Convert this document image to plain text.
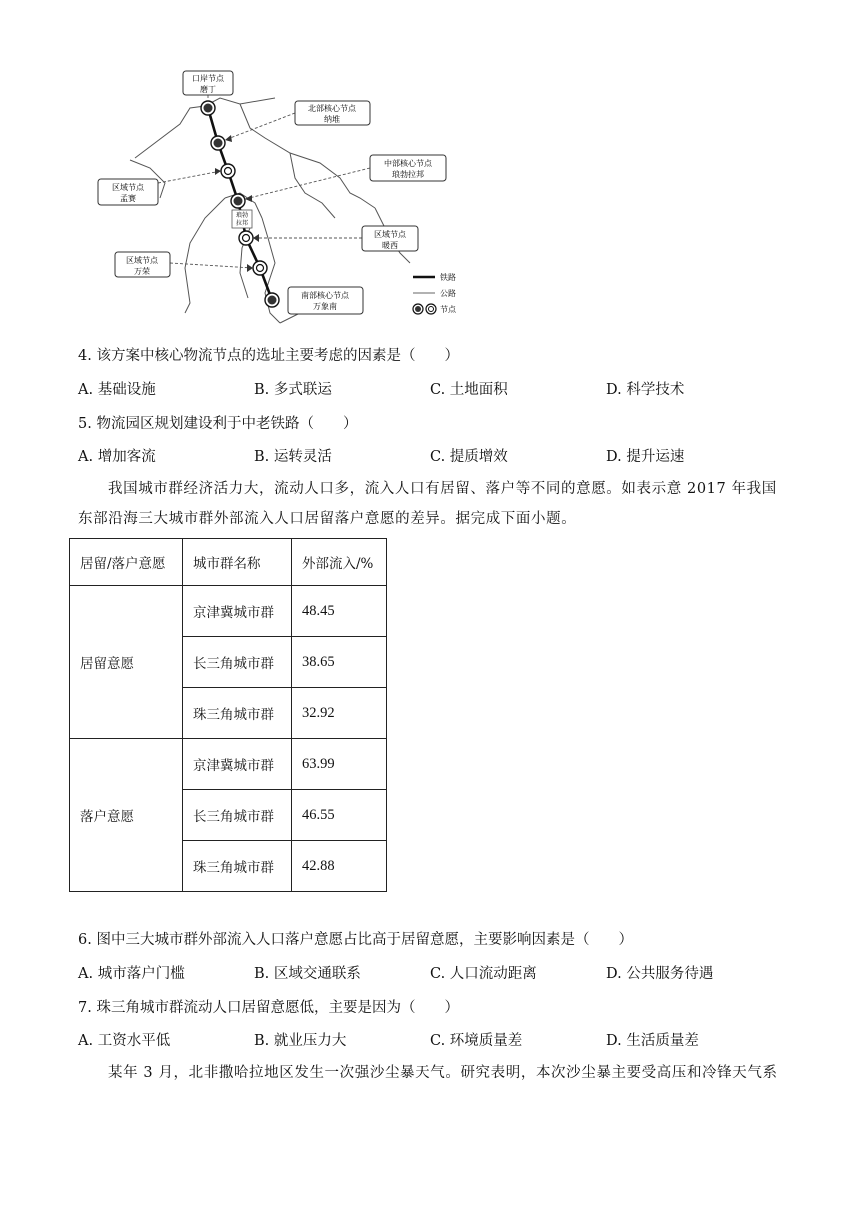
琅勃
拉邦
口岸节点
磨丁
北部核心节点
纳堆
中部核心节点
琅勃拉邦
区域节点
孟赛
区域节点
暖西
区域节点
万荣
南部核心节点
万象南
铁路
公路
节点
4. 该方案中核心物流节点的选址主要考虑的因素是（　　）
A. 基础设施	B. 多式联运	C. 土地面积	D. 科学技术
5. 物流园区规划建设利于中老铁路（　　）
A. 增加客流	B. 运转灵活	C. 提质增效	D. 提升运速
我国城市群经济活力大，流动人口多，流入人口有居留、落户等不同的意愿。如表示意 2017 年我国东部沿海三大城市群外部流入人口居留落户意愿的差异。据完成下面小题。
居留/落户意愿	城市群名称	外部流入/%
居留意愿	京津冀城市群	48.45
	长三角城市群	38.65
	珠三角城市群	32.92
落户意愿	京津冀城市群	63.99
	长三角城市群	46.55
	珠三角城市群	42.88
6. 图中三大城市群外部流入人口落户意愿占比高于居留意愿，主要影响因素是（　　）
A. 城市落户门槛	B. 区域交通联系	C. 人口流动距离	D. 公共服务待遇
7. 珠三角城市群流动人口居留意愿低，主要是因为（　　）
A. 工资水平低	B. 就业压力大	C. 环境质量差	D. 生活质量差
某年 3 月，北非撒哈拉地区发生一次强沙尘暴天气。研究表明，本次沙尘暴主要受高压和冷锋天气系
